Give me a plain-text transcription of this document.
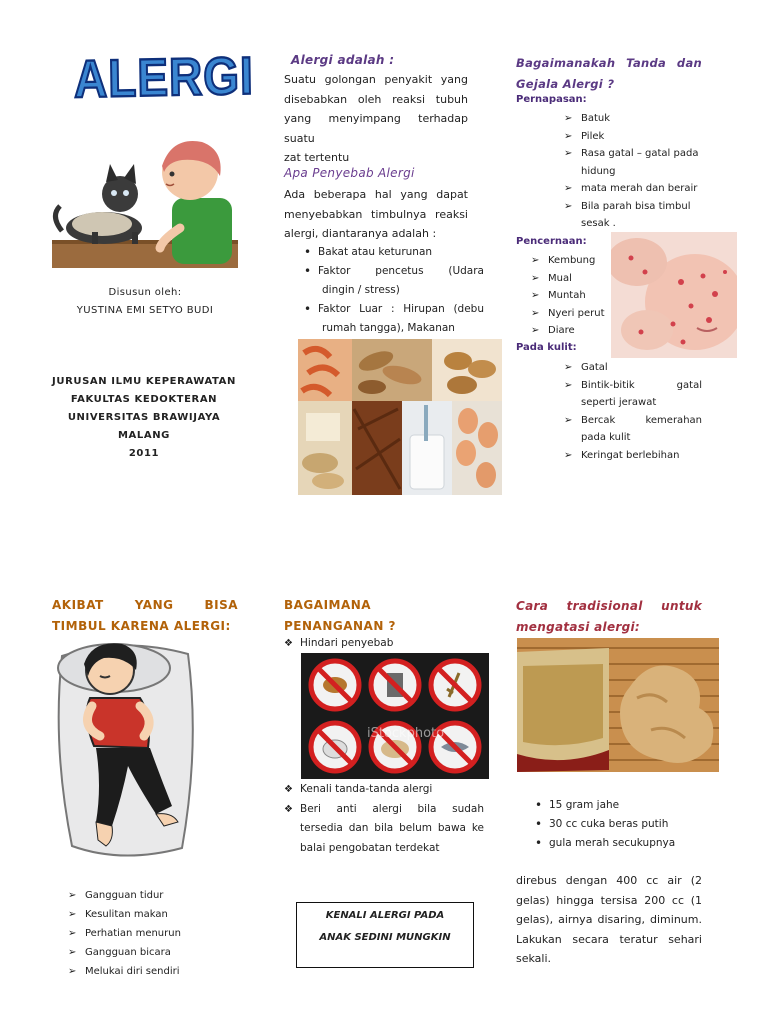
ALERGI
Disusun oleh:
YUSTINA EMI SETYO BUDI
JURUSAN ILMU KEPERAWATAN
FAKULTAS KEDOKTERAN
UNIVERSITAS BRAWIJAYA
MALANG
2011
Alergi adalah :
Suatu golongan penyakit yang
disebabkan oleh reaksi tubuh
yang menyimpang terhadap suatu
zat tertentu
Apa Penyebab Alergi
Ada beberapa hal yang dapat
menyebabkan timbulnya reaksi
alergi, diantaranya adalah :
• Bakat atau keturunan
• Faktor pencetus (Udara
dingin / stress)
• Faktor Luar : Hirupan (debu
rumah tangga), Makanan
Bagaimanakah Tanda dan
Gejala Alergi ?
Pernapasan:
➢ Batuk
➢ Pilek
➢ Rasa gatal – gatal pada
hidung
➢ mata merah dan berair
➢ Bila parah bisa timbul
sesak .
Pencernaan:
➢ Kembung
➢ Mual
➢ Muntah
➢ Nyeri perut
➢ Diare
Pada kulit:
➢ Gatal
➢ Bintik-bitik gatal
seperti jerawat
➢ Bercak kemerahan
pada kulit
➢ Keringat berlebihan
AKIBAT YANG BISA
TIMBUL KARENA ALERGI:
➢ Gangguan tidur
➢ Kesulitan makan
➢ Perhatian menurun
➢ Gangguan bicara
➢ Melukai diri sendiri
BAGAIMANA
PENANGANAN ?
❖ Hindari penyebab
iStockphoto
❖ Kenali tanda-tanda alergi
❖ Beri anti alergi bila sudah
tersedia dan bila belum bawa ke
balai pengobatan terdekat
KENALI ALERGI PADA
ANAK SEDINI MUNGKIN
Cara tradisional untuk
mengatasi alergi:
• 15 gram jahe
• 30 cc cuka beras putih
• gula merah secukupnya
direbus dengan 400 cc air (2
gelas) hingga tersisa 200 cc (1
gelas), airnya disaring, diminum.
Lakukan secara teratur sehari
sekali.
